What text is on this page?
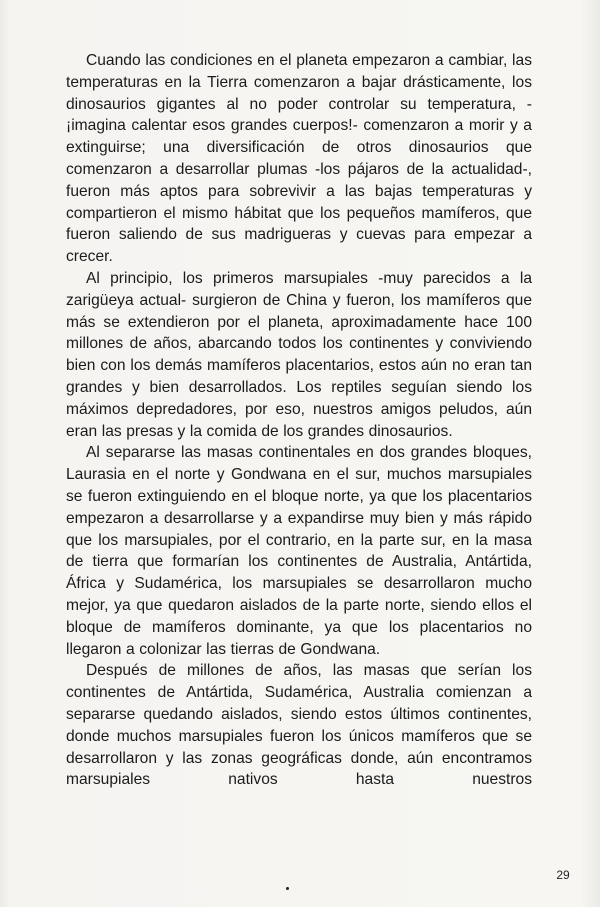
Cuando las condiciones en el planeta empezaron a cambiar, las temperaturas en la Tierra comenzaron a bajar drásticamente, los dinosaurios gigantes al no poder controlar su temperatura, - ¡imagina calentar esos grandes cuerpos!- comenzaron a morir y a extinguirse; una diversificación de otros dinosaurios que comenzaron a desarrollar plumas -los pájaros de la actualidad-, fueron más aptos para sobrevivir a las bajas temperaturas y compartieron el mismo hábitat que los pequeños mamíferos, que fueron saliendo de sus madrigueras y cuevas para empezar a crecer.

Al principio, los primeros marsupiales -muy parecidos a la zarigüeya actual- surgieron de China y fueron, los mamíferos que más se extendieron por el planeta, aproximadamente hace 100 millones de años, abarcando todos los continentes y conviviendo bien con los demás mamíferos placentarios, estos aún no eran tan grandes y bien desarrollados. Los reptiles seguían siendo los máximos depredadores, por eso, nuestros amigos peludos, aún eran las presas y la comida de los grandes dinosaurios.

Al separarse las masas continentales en dos grandes bloques, Laurasia en el norte y Gondwana en el sur, muchos marsupiales se fueron extinguiendo en el bloque norte, ya que los placentarios empezaron a desarrollarse y a expandirse muy bien y más rápido que los marsupiales, por el contrario, en la parte sur, en la masa de tierra que formarían los continentes de Australia, Antártida, África y Sudamérica, los marsupiales se desarrollaron mucho mejor, ya que quedaron aislados de la parte norte, siendo ellos el bloque de mamíferos dominante, ya que los placentarios no llegaron a colonizar las tierras de Gondwana.

Después de millones de años, las masas que serían los continentes de Antártida, Sudamérica, Australia comienzan a separarse quedando aislados, siendo estos últimos continentes, donde muchos marsupiales fueron los únicos mamíferos que se desarrollaron y las zonas geográficas donde, aún encontramos marsupiales nativos hasta nuestros

29
